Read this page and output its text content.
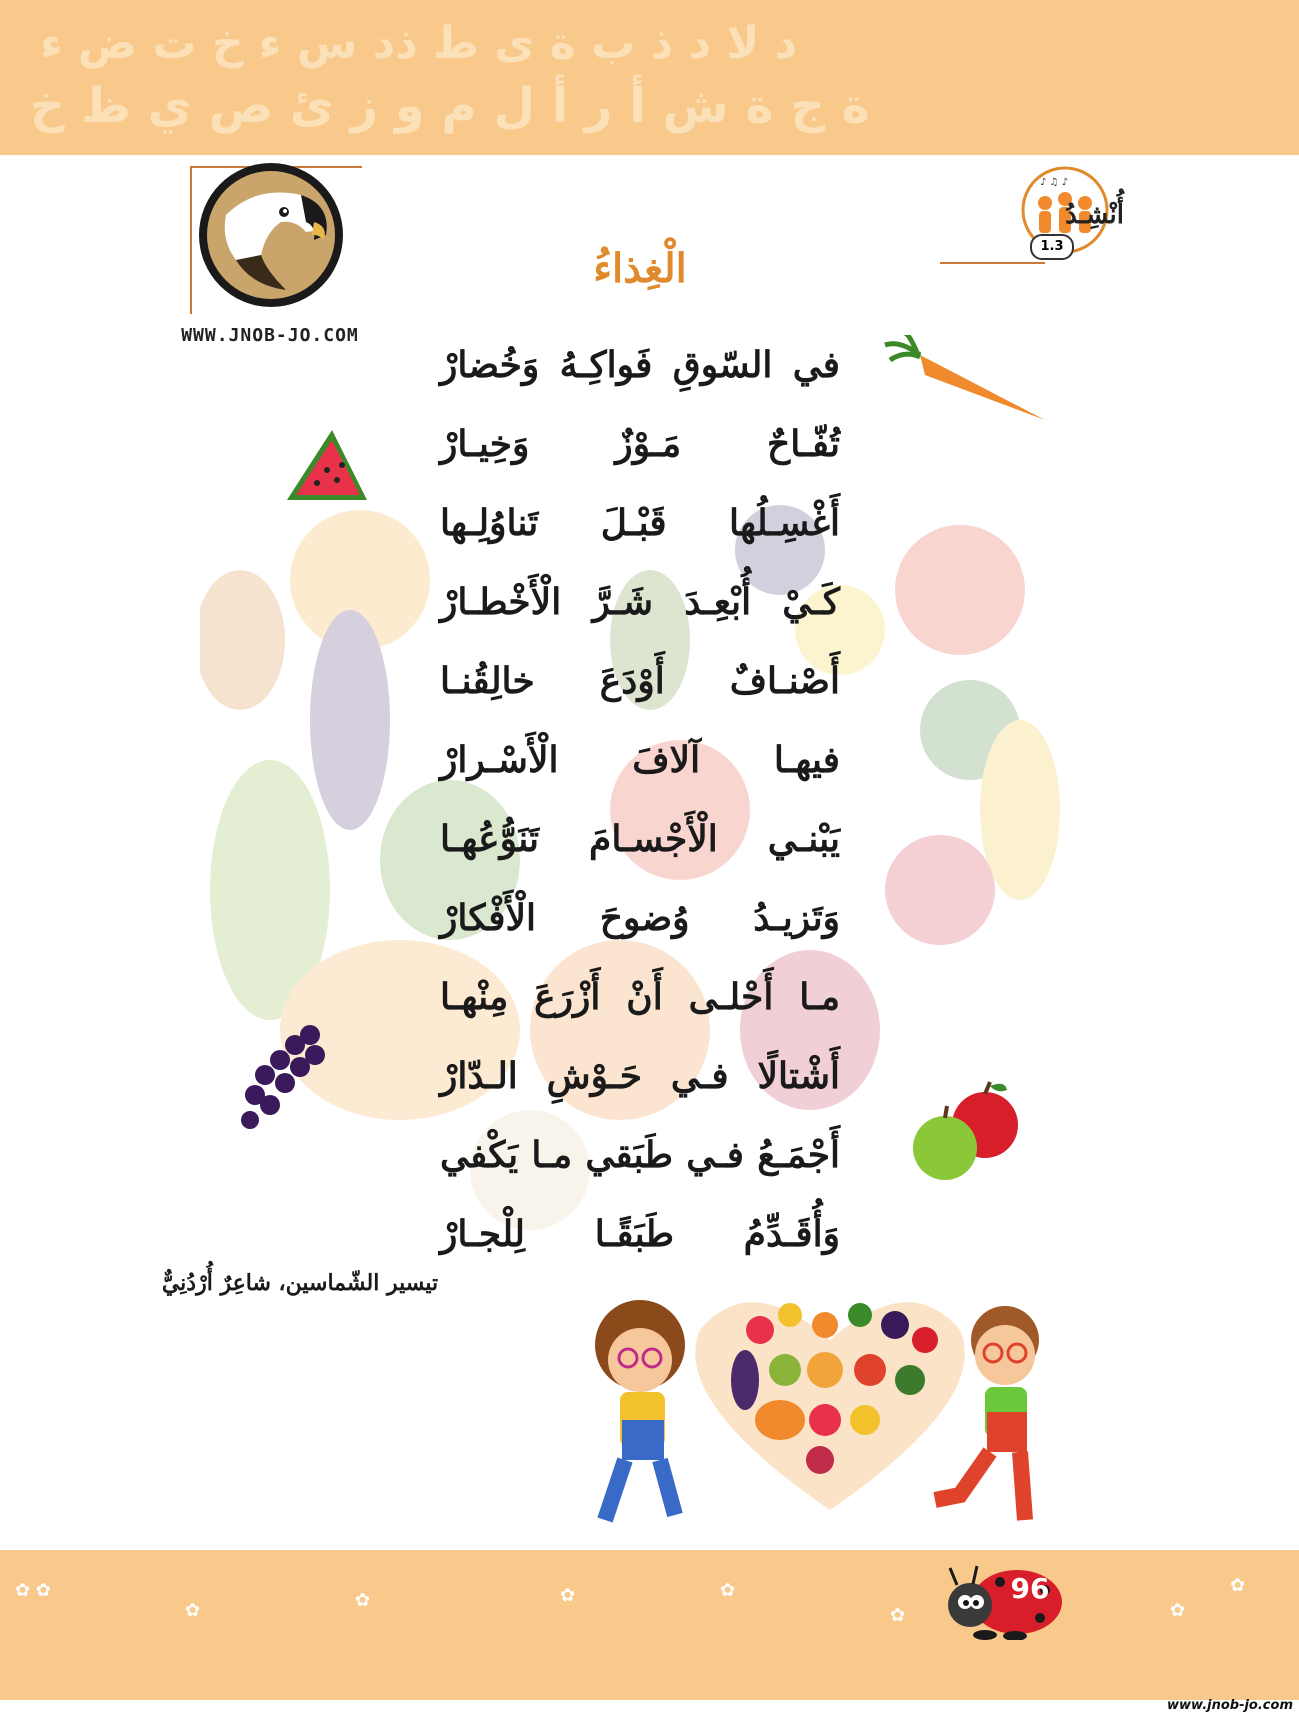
ﺩ ﻻ ﺩ ﺫ ﺏ ﺓ ﻯ ﻁ ﺫﺩ ﺱ ﺀ ﺥ ﺕ ﺽ ﺀ
ﺓ ﺝ ﺓ ﺵ ﺃ ﺭ ﺃ ﻝ ﻡ ﻭ ﺯ ﺉ ﺹ ﻱ ﻅ ﺥ
WWW.JNOB-JO.COM
♪ ♫ ♪
أُنْشِـدُ
1.3
الْغِذاءُ
في السّوقِ فَواكِـهُ وَخُضارْ
تُفّـاحٌ مَـوْزٌ وَخِيـارْ
أَغْسِـلُها قَبْـلَ تَناوُلِـها
كَـيْ أُبْعِـدَ شَـرَّ الْأَخْطـارْ
أَصْنـافٌ أَوْدَعَ خالِقُنـا
فيهـا آلافَ الْأَسْـرارْ
يَبْنـي الْأَجْسـامَ تَنَوُّعُهـا
وَتَزيـدُ وُضوحَ الْأَفْكارْ
مـا أَحْلـى أَنْ أَزْرَعَ مِنْهـا
أَشْتالًا فـي حَـوْشِ الـدّارْ
أَجْمَـعُ فـي طَبَقي مـا يَكْفي
وَأُقَـدِّمُ طَبَقًـا لِلْجـارْ
تيسير الشّماسين، شاعِرٌ أُرْدُنِيٌّ
✿ ✿
✿	✿	✿	✿
✿	✿
✿
96
www.jnob-jo.com
